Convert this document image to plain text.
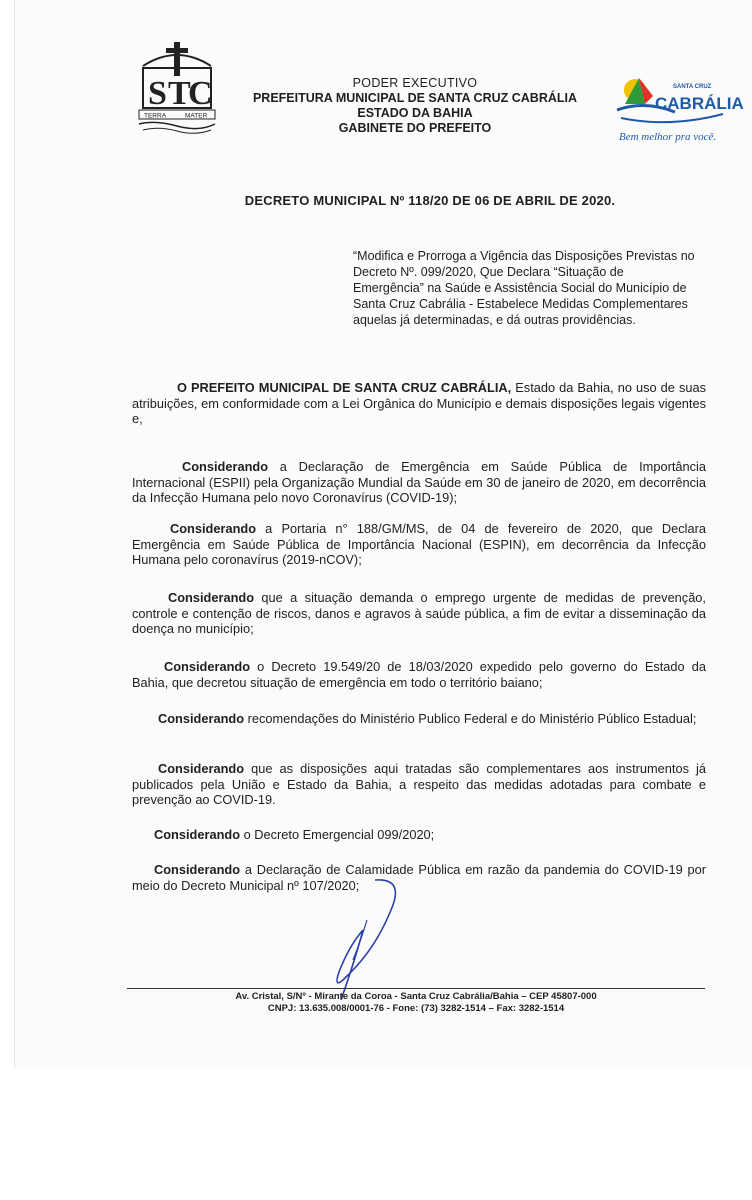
S T
C
TERRA	MATER
PODER EXECUTIVO
PREFEITURA MUNICIPAL DE SANTA CRUZ CABRÁLIA
ESTADO DA BAHIA
GABINETE DO PREFEITO
SANTA CRUZ
CABRÁLIA
Bem melhor pra você.
DECRETO MUNICIPAL Nº 118/20 DE 06 DE ABRIL DE 2020.
“Modifica e Prorroga a Vigência das Disposições Previstas no Decreto Nº. 099/2020, Que Declara “Situação de Emergência” na Saúde e Assistência Social do Município de Santa Cruz Cabrália - Estabelece Medidas Complementares aquelas já determinadas, e dá outras providências.
O PREFEITO MUNICIPAL DE SANTA CRUZ CABRÁLIA, Estado da Bahia, no uso de suas atribuições, em conformidade com a Lei Orgânica do Município e demais disposições legais vigentes e,
Considerando a Declaração de Emergência em Saúde Pública de Importância Internacional (ESPII) pela Organização Mundial da Saúde em 30 de janeiro de 2020, em decorrência da Infecção Humana pelo novo Coronavírus (COVID-19);
Considerando a Portaria n° 188/GM/MS, de 04 de fevereiro de 2020, que Declara Emergência em Saúde Pública de Importância Nacional (ESPIN), em decorrência da Infecção Humana pelo coronavírus (2019-nCOV);
Considerando que a situação demanda o emprego urgente de medidas de prevenção, controle e contenção de riscos, danos e agravos à saúde pública, a fim de evitar a disseminação da doença no município;
Considerando o Decreto 19.549/20 de 18/03/2020 expedido pelo governo do Estado da Bahia, que decretou situação de emergência em todo o território baiano;
Considerando recomendações do Ministério Publico Federal e do Ministério Público Estadual;
Considerando que as disposições aqui tratadas são complementares aos instrumentos já publicados pela União e Estado da Bahia, a respeito das medidas adotadas para combate e prevenção ao COVID-19.
Considerando o Decreto Emergencial 099/2020;
Considerando a Declaração de Calamidade Pública em razão da pandemia do COVID-19 por meio do Decreto Municipal nº 107/2020;
Av. Cristal, S/Nº - Mirante da Coroa - Santa Cruz Cabrália/Bahia – CEP 45807-000
CNPJ: 13.635.008/0001-76 - Fone: (73) 3282-1514 – Fax: 3282-1514
